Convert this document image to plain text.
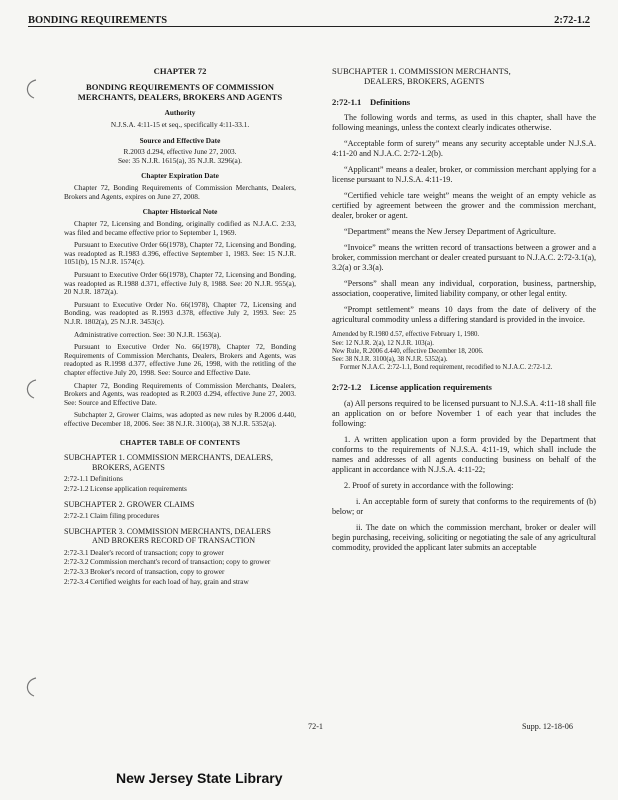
BONDING REQUIREMENTS	2:72-1.2
CHAPTER 72
BONDING REQUIREMENTS OF COMMISSION MERCHANTS, DEALERS, BROKERS AND AGENTS
Authority
N.J.S.A. 4:11-15 et seq., specifically 4:11-33.1.
Source and Effective Date
R.2003 d.294, effective June 27, 2003.
See: 35 N.J.R. 1615(a), 35 N.J.R. 3296(a).
Chapter Expiration Date

Chapter 72, Bonding Requirements of Commission Merchants, Dealers, Brokers and Agents, expires on June 27, 2008.

Chapter Historical Note

Chapter 72, Licensing and Bonding, originally codified as N.J.A.C. 2:33, was filed and became effective prior to September 1, 1969.

Pursuant to Executive Order 66(1978), Chapter 72, Licensing and Bonding, was readopted as R.1983 d.396, effective September 1, 1983. See: 15 N.J.R. 1051(b), 15 N.J.R. 1574(c).

Pursuant to Executive Order 66(1978), Chapter 72, Licensing and Bonding, was readopted as R.1988 d.371, effective July 8, 1988. See: 20 N.J.R. 955(a), 20 N.J.R. 1872(a).

Pursuant to Executive Order No. 66(1978), Chapter 72, Licensing and Bonding, was readopted as R.1993 d.378, effective July 2, 1993. See: 25 N.J.R. 1802(a), 25 N.J.R. 3453(c).

Administrative correction. See: 30 N.J.R. 1563(a).

Pursuant to Executive Order No. 66(1978), Chapter 72, Bonding Requirements of Commission Merchants, Dealers, Brokers and Agents, was readopted as R.1998 d.377, effective June 26, 1998, with the retitling of the chapter effective July 20, 1998. See: Source and Effective Date.

Chapter 72, Bonding Requirements of Commission Merchants, Dealers, Brokers and Agents, was readopted as R.2003 d.294, effective June 27, 2003. See: Source and Effective Date.

Subchapter 2, Grower Claims, was adopted as new rules by R.2006 d.440, effective December 18, 2006. See: 38 N.J.R. 3100(a), 38 N.J.R. 5352(a).

CHAPTER TABLE OF CONTENTS
SUBCHAPTER 1. COMMISSION MERCHANTS, DEALERS,
BROKERS, AGENTS
2:72-1.1 Definitions
2:72-1.2 License application requirements
SUBCHAPTER 2. GROWER CLAIMS
2:72-2.1 Claim filing procedures
SUBCHAPTER 3. COMMISSION MERCHANTS, DEALERS
AND BROKERS RECORD OF TRANSACTION
2:72-3.1 Dealer's record of transaction; copy to grower
2:72-3.2 Commission merchant's record of transaction; copy to grower
2:72-3.3 Broker's record of transaction, copy to grower
2:72-3.4 Certified weights for each load of hay, grain and straw
SUBCHAPTER 1. COMMISSION MERCHANTS,
DEALERS, BROKERS, AGENTS
2:72-1.1 Definitions

The following words and terms, as used in this chapter, shall have the following meanings, unless the context clearly indicates otherwise.

“Acceptable form of surety” means any security acceptable under N.J.S.A. 4:11-20 and N.J.A.C. 2:72-1.2(b).

“Applicant” means a dealer, broker, or commission merchant applying for a license pursuant to N.J.S.A. 4:11-19.

“Certified vehicle tare weight” means the weight of an empty vehicle as certified by agreement between the grower and the commission merchant, dealer, broker or agent.

“Department” means the New Jersey Department of Agriculture.

“Invoice” means the written record of transactions between a grower and a broker, commission merchant or dealer created pursuant to N.J.A.C. 2:72-3.1(a), 3.2(a) or 3.3(a).

“Persons” shall mean any individual, corporation, business, partnership, association, cooperative, limited liability company, or other legal entity.

“Prompt settlement” means 10 days from the date of delivery of the agricultural commodity unless a differing standard is provided in the invoice.

Amended by R.1980 d.57, effective February 1, 1980.

See: 12 N.J.R. 2(a), 12 N.J.R. 103(a).

New Rule, R.2006 d.440, effective December 18, 2006.

See: 38 N.J.R. 3100(a), 38 N.J.R. 5352(a).

Former N.J.A.C. 2:72-1.1, Bond requirement, recodified to N.J.A.C. 2:72-1.2.

2:72-1.2 License application requirements

(a) All persons required to be licensed pursuant to N.J.S.A. 4:11-18 shall file an application on or before November 1 of each year that includes the following:

1. A written application upon a form provided by the Department that conforms to the requirements of N.J.S.A. 4:11-19, which shall include the names and addresses of all agents conducting business on behalf of the applicant in accordance with N.J.S.A. 4:11-22;

2. Proof of surety in accordance with the following:

i. An acceptable form of surety that conforms to the requirements of (b) below; or

ii. The date on which the commission merchant, broker or dealer will begin purchasing, receiving, soliciting or negotiating the sale of any agricultural commodity, provided the applicant later submits an acceptable

72-1	Supp. 12-18-06
New Jersey State Library
